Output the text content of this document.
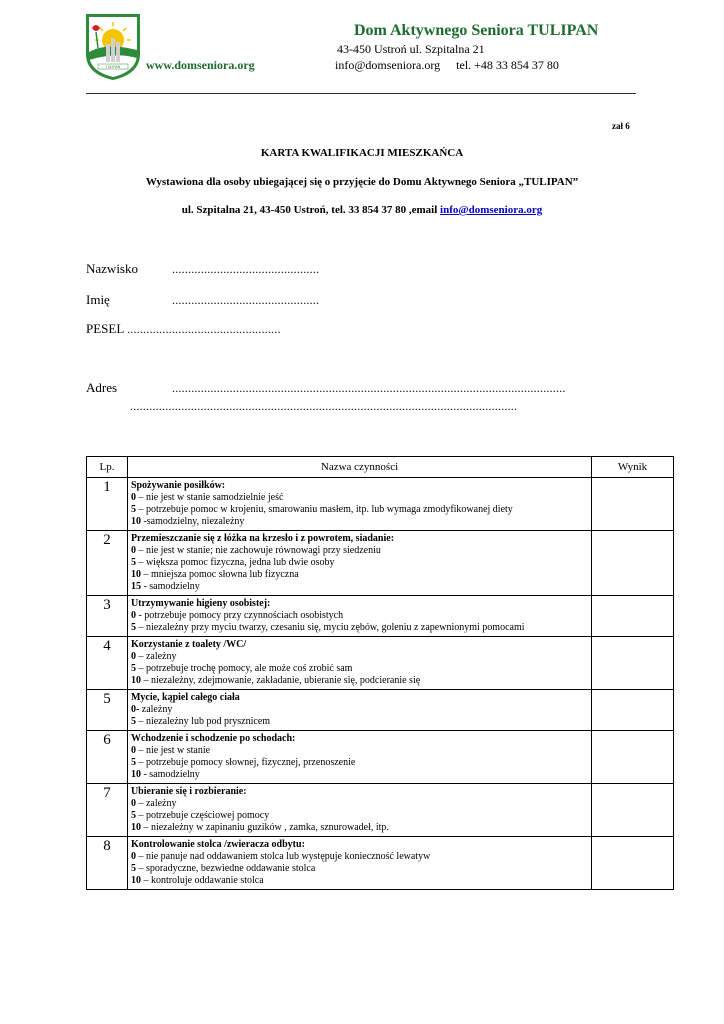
TULIPAN
Dom Aktywnego Seniora TULIPAN
43-450 Ustroń ul. Szpitalna 21
www.domseniora.org	info@domseniora.org tel. +48 33 854 37 80
zał 6
KARTA KWALIFIKACJI MIESZKAŃCA
Wystawiona dla osoby ubiegającej się o przyjęcie do Domu Aktywnego Seniora „TULIPAN”
ul. Szpitalna 21, 43-450 Ustroń, tel. 33 854 37 80 ,email info@domseniora.org
Nazwisko	..............................................
Imię	..............................................
PESEL ................................................
Adres	...........................................................................................................................
.........................................................................................................................
Lp.	Nazwa czynności	Wynik
1	Spożywanie posiłków:
0 – nie jest w stanie samodzielnie jeść
5 – potrzebuje pomoc w krojeniu, smarowaniu masłem, itp. lub wymaga zmodyfikowanej diety
10 -samodzielny, niezależny	

2	Przemieszczanie się z łóżka na krzesło i z powrotem, siadanie:
0 – nie jest w stanie; nie zachowuje równowagi przy siedzeniu
5 – większa pomoc fizyczna, jedna lub dwie osoby
10 – mniejsza pomoc słowna lub fizyczna
15 - samodzielny	

3	Utrzymywanie higieny osobistej:
0 - potrzebuje pomocy przy czynnościach osobistych
5 – niezależny przy myciu twarzy, czesaniu się, myciu zębów, goleniu z zapewnionymi pomocami	

4	Korzystanie z toalety /WC/
0 – zależny
5 – potrzebuje trochę pomocy, ale może coś zrobić sam
10 – niezależny, zdejmowanie, zakładanie, ubieranie się, podcieranie się	

5	Mycie, kąpiel całego ciała
0- zależny
5 – niezależny lub pod prysznicem	

6	Wchodzenie i schodzenie po schodach:
0 – nie jest w stanie
5 – potrzebuje pomocy słownej, fizycznej, przenoszenie
10 - samodzielny	

7	Ubieranie się i rozbieranie:
0 – zależny
5 – potrzebuje częściowej pomocy
10 – niezależny w zapinaniu guzików , zamka, sznurowadeł, itp.	

8	Kontrolowanie stolca /zwieracza odbytu:
0 – nie panuje nad oddawaniem stolca lub występuje konieczność lewatyw
5 – sporadyczne, bezwiedne oddawanie stolca
10 – kontroluje oddawanie stolca	
